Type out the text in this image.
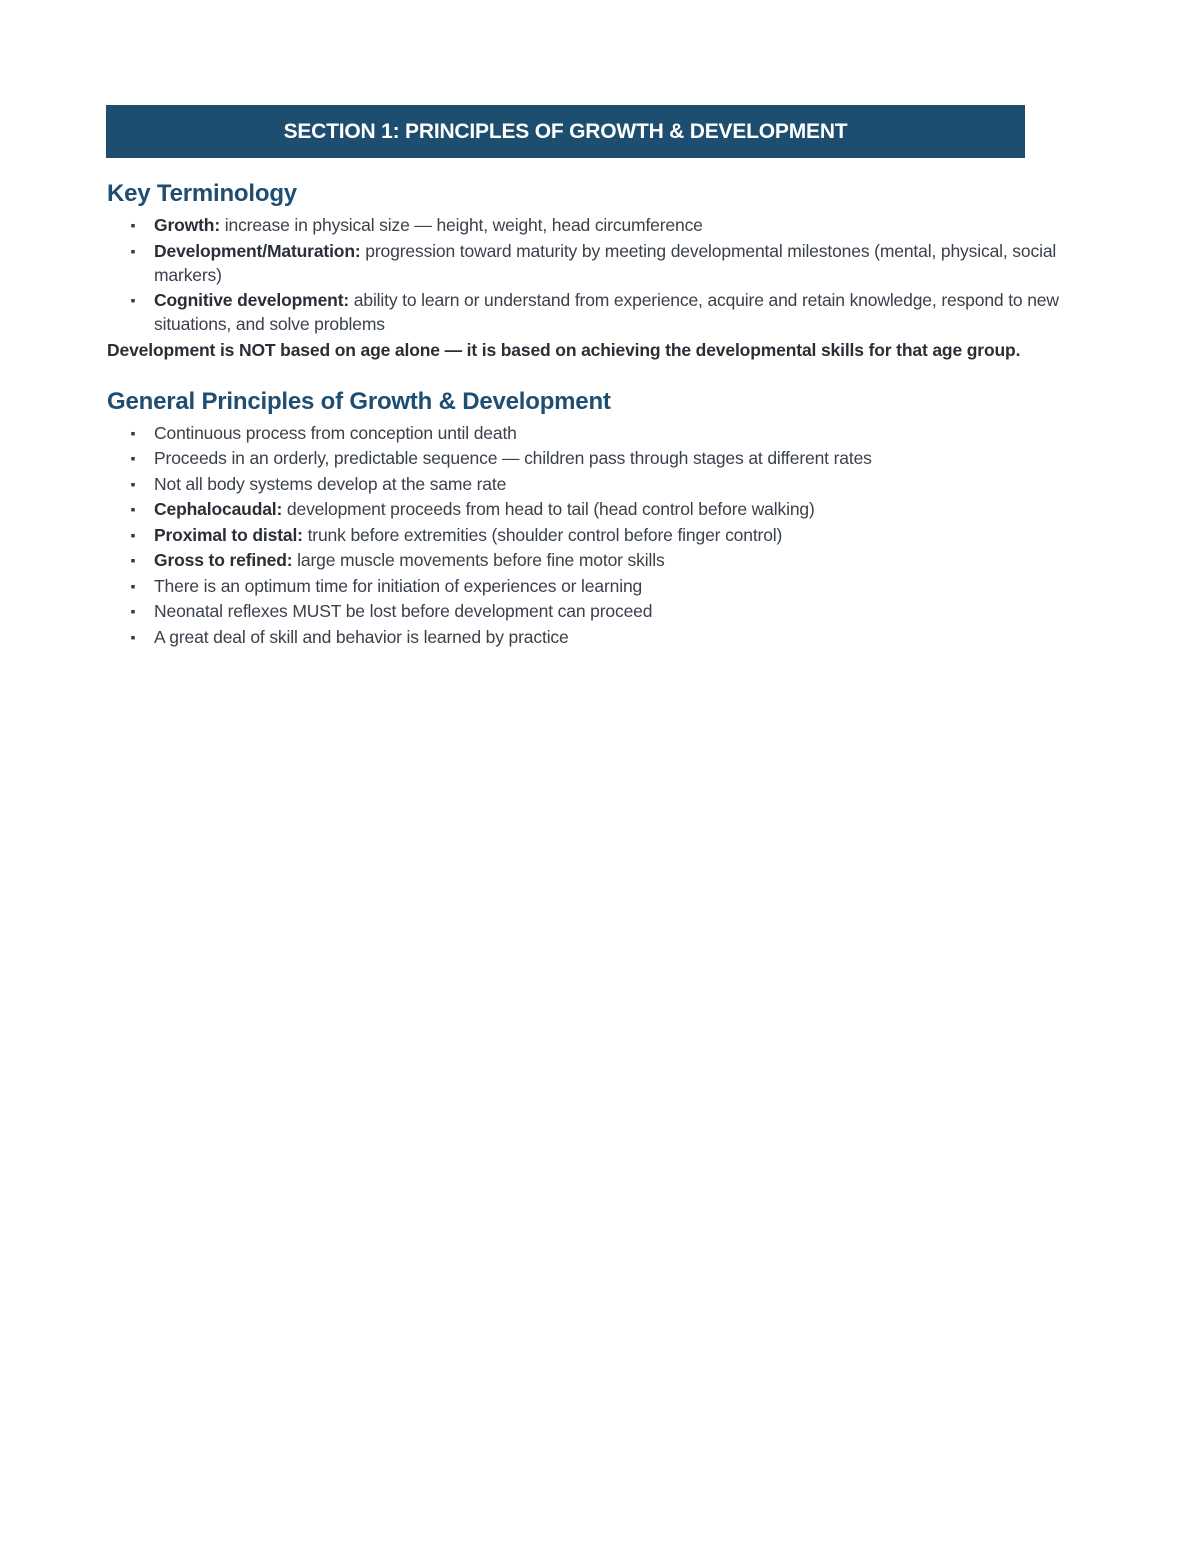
SECTION 1: PRINCIPLES OF GROWTH & DEVELOPMENT
Key Terminology
▪ Growth: increase in physical size — height, weight, head circumference
▪ Development/Maturation: progression toward maturity by meeting developmental milestones (mental, physical, social markers)
▪ Cognitive development: ability to learn or understand from experience, acquire and retain knowledge, respond to new situations, and solve problems

Development is NOT based on age alone — it is based on achieving the developmental skills for that age group.

General Principles of Growth & Development
▪ Continuous process from conception until death
▪ Proceeds in an orderly, predictable sequence — children pass through stages at different rates
▪ Not all body systems develop at the same rate
▪ Cephalocaudal: development proceeds from head to tail (head control before walking)
▪ Proximal to distal: trunk before extremities (shoulder control before finger control)
▪ Gross to refined: large muscle movements before fine motor skills
▪ There is an optimum time for initiation of experiences or learning
▪ Neonatal reflexes MUST be lost before development can proceed
▪ A great deal of skill and behavior is learned by practice
